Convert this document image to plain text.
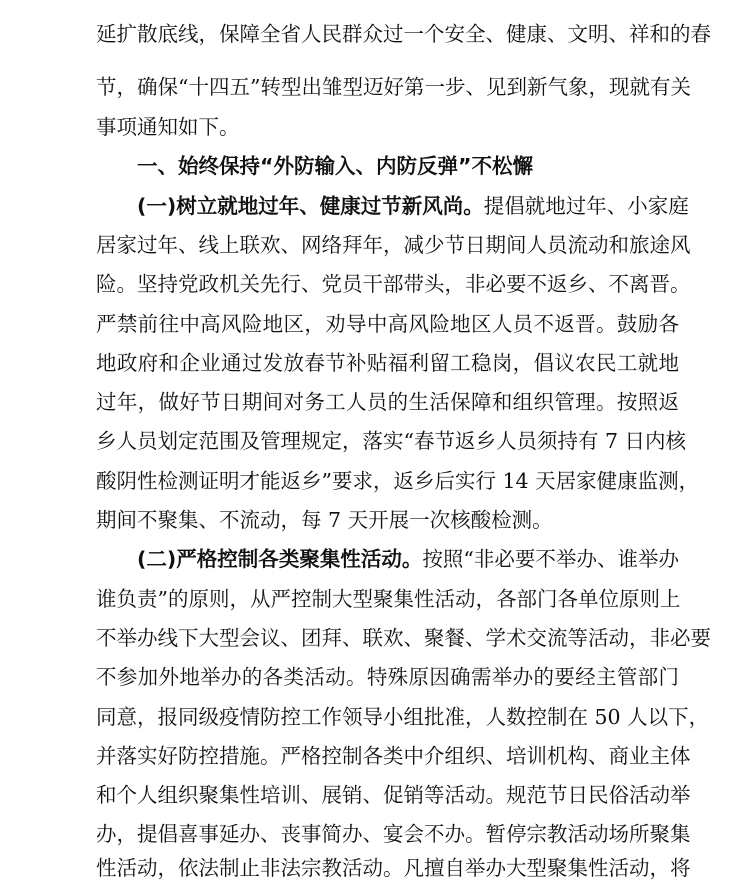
延扩散底线，保障全省人民群众过一个安全、健康、文明、祥和的春
节，确保“十四五”转型出雏型迈好第一步、见到新气象，现就有关
事项通知如下。
一、始终保持“外防输入、内防反弹”不松懈
(一)树立就地过年、健康过节新风尚。提倡就地过年、小家庭
居家过年、线上联欢、网络拜年，减少节日期间人员流动和旅途风
险。坚持党政机关先行、党员干部带头，非必要不返乡、不离晋。
严禁前往中高风险地区，劝导中高风险地区人员不返晋。鼓励各
地政府和企业通过发放春节补贴福利留工稳岗，倡议农民工就地
过年，做好节日期间对务工人员的生活保障和组织管理。按照返
乡人员划定范围及管理规定，落实“春节返乡人员须持有 7 日内核
酸阴性检测证明才能返乡”要求，返乡后实行 14 天居家健康监测，
期间不聚集、不流动，每 7 天开展一次核酸检测。
(二)严格控制各类聚集性活动。按照“非必要不举办、谁举办
谁负责”的原则，从严控制大型聚集性活动，各部门各单位原则上
不举办线下大型会议、团拜、联欢、聚餐、学术交流等活动，非必要
不参加外地举办的各类活动。特殊原因确需举办的要经主管部门
同意，报同级疫情防控工作领导小组批准，人数控制在 50 人以下，
并落实好防控措施。严格控制各类中介组织、培训机构、商业主体
和个人组织聚集性培训、展销、促销等活动。规范节日民俗活动举
办，提倡喜事延办、丧事简办、宴会不办。暂停宗教活动场所聚集
性活动，依法制止非法宗教活动。凡擅自举办大型聚集性活动，将
